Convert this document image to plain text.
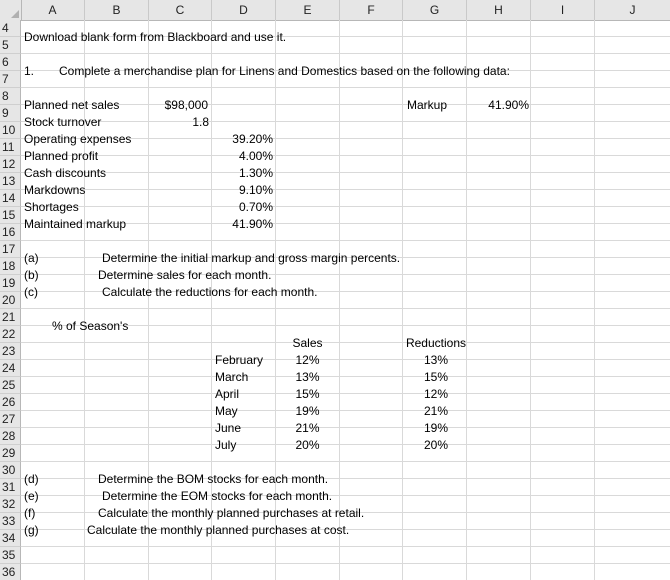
A	B	C	D	E	F	G	H	I	J
4
5
6
7
8
9
10
11
12
13
14
15
16
17
18
19
20
21
22
23
24
25
26
27
28
29
30
31
32
33
34
35
36
Download blank form from Blackboard and use it.
1. Complete a merchandise plan for Linens and Domestics based on the following data:
Planned net sales	$98,000	Markup	41.90%
Stock turnover	1.8
Operating expenses	39.20%
Planned profit	4.00%
Cash discounts	1.30%
Markdowns	9.10%
Shortages	0.70%
Maintained markup	41.90%
(a)	Determine the initial markup and gross margin percents.
(b)	Determine sales for each month.
(c)	Calculate the reductions for each month.
% of Season's
Sales	Reductions
February	12%	13%
March	13%	15%
April	15%	12%
May	19%	21%
June	21%	19%
July	20%	20%
(d)	Determine the BOM stocks for each month.
(e)	Determine the EOM stocks for each month.
(f)	Calculate the monthly planned purchases at retail.
(g)	Calculate the monthly planned purchases at cost.
